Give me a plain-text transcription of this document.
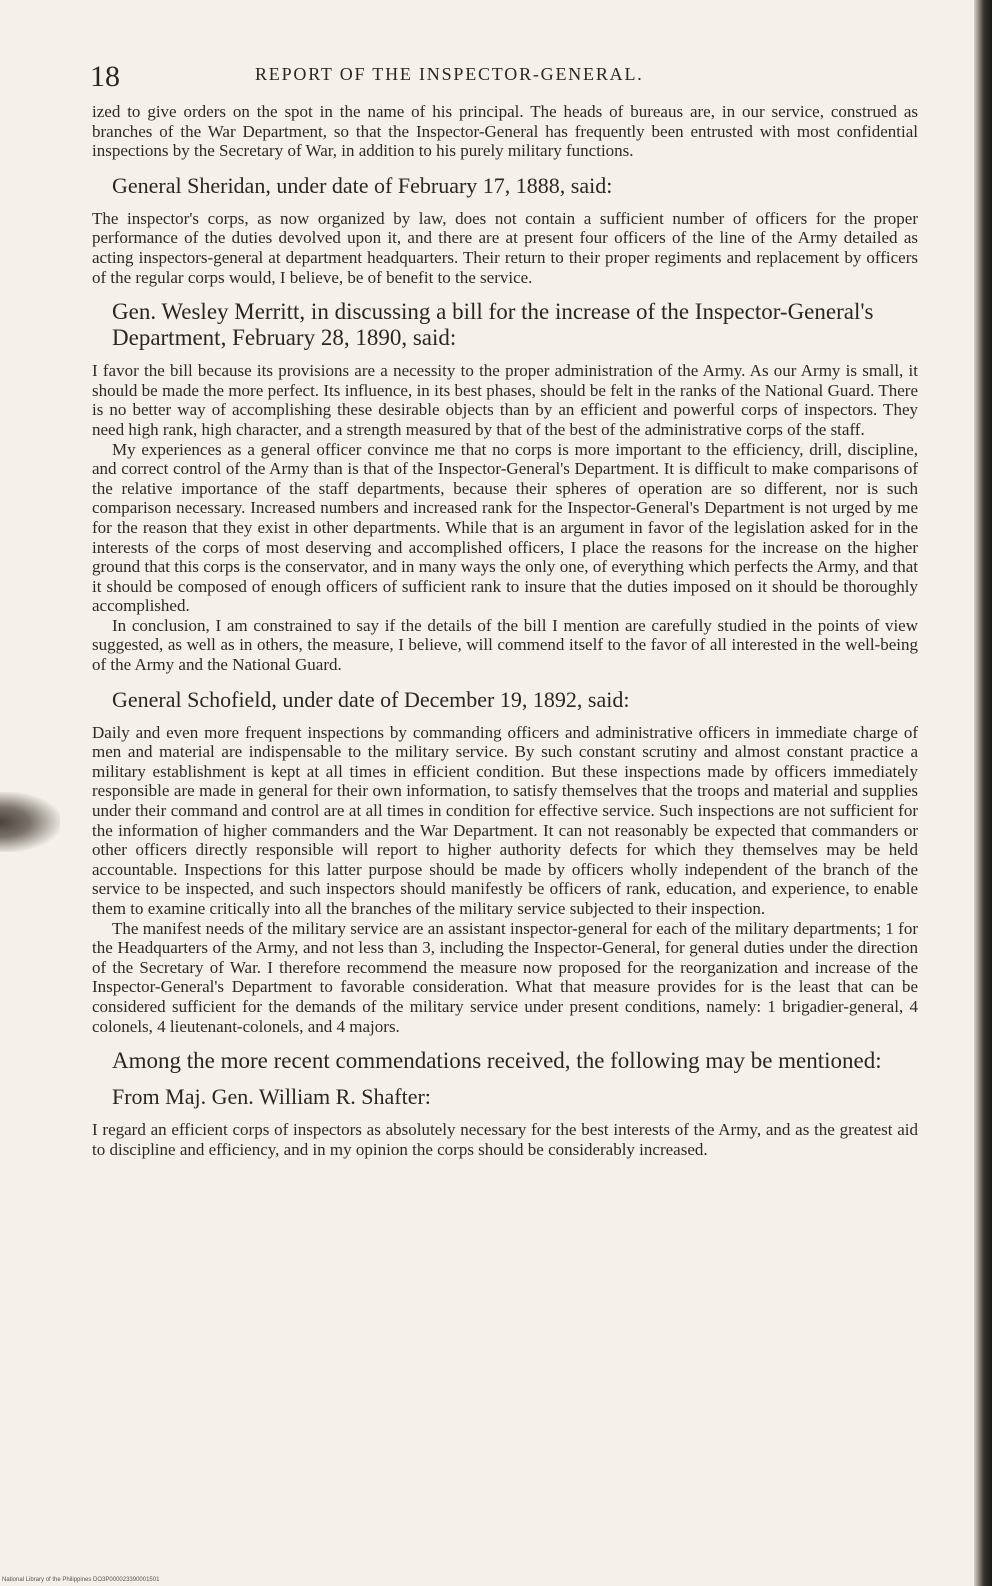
18	REPORT OF THE INSPECTOR-GENERAL.

ized to give orders on the spot in the name of his principal. The heads of bureaus are, in our service, construed as branches of the War Department, so that the Inspector-General has frequently been entrusted with most confidential inspections by the Secretary of War, in addition to his purely military functions.

General Sheridan, under date of February 17, 1888, said:

The inspector's corps, as now organized by law, does not contain a sufficient number of officers for the proper performance of the duties devolved upon it, and there are at present four officers of the line of the Army detailed as acting inspectors-general at department headquarters. Their return to their proper regiments and replacement by officers of the regular corps would, I believe, be of benefit to the service.

Gen. Wesley Merritt, in discussing a bill for the increase of the Inspector-General's Department, February 28, 1890, said:

I favor the bill because its provisions are a necessity to the proper administration of the Army. As our Army is small, it should be made the more perfect. Its influence, in its best phases, should be felt in the ranks of the National Guard. There is no better way of accomplishing these desirable objects than by an efficient and powerful corps of inspectors. They need high rank, high character, and a strength measured by that of the best of the administrative corps of the staff.

My experiences as a general officer convince me that no corps is more important to the efficiency, drill, discipline, and correct control of the Army than is that of the Inspector-General's Department. It is difficult to make comparisons of the relative importance of the staff departments, because their spheres of operation are so different, nor is such comparison necessary. Increased numbers and increased rank for the Inspector-General's Department is not urged by me for the reason that they exist in other departments. While that is an argument in favor of the legislation asked for in the interests of the corps of most deserving and accomplished officers, I place the reasons for the increase on the higher ground that this corps is the conservator, and in many ways the only one, of everything which perfects the Army, and that it should be composed of enough officers of sufficient rank to insure that the duties imposed on it should be thoroughly accomplished.

In conclusion, I am constrained to say if the details of the bill I mention are carefully studied in the points of view suggested, as well as in others, the measure, I believe, will commend itself to the favor of all interested in the well-being of the Army and the National Guard.

General Schofield, under date of December 19, 1892, said:

Daily and even more frequent inspections by commanding officers and administrative officers in immediate charge of men and material are indispensable to the military service. By such constant scrutiny and almost constant practice a military establishment is kept at all times in efficient condition. But these inspections made by officers immediately responsible are made in general for their own information, to satisfy themselves that the troops and material and supplies under their command and control are at all times in condition for effective service. Such inspections are not sufficient for the information of higher commanders and the War Department. It can not reasonably be expected that commanders or other officers directly responsible will report to higher authority defects for which they themselves may be held accountable. Inspections for this latter purpose should be made by officers wholly independent of the branch of the service to be inspected, and such inspectors should manifestly be officers of rank, education, and experience, to enable them to examine critically into all the branches of the military service subjected to their inspection.

The manifest needs of the military service are an assistant inspector-general for each of the military departments; 1 for the Headquarters of the Army, and not less than 3, including the Inspector-General, for general duties under the direction of the Secretary of War. I therefore recommend the measure now proposed for the reorganization and increase of the Inspector-General's Department to favorable consideration. What that measure provides for is the least that can be considered sufficient for the demands of the military service under present conditions, namely: 1 brigadier-general, 4 colonels, 4 lieutenant-colonels, and 4 majors.

Among the more recent commendations received, the following may be mentioned:

From Maj. Gen. William R. Shafter:

I regard an efficient corps of inspectors as absolutely necessary for the best interests of the Army, and as the greatest aid to discipline and efficiency, and in my opinion the corps should be considerably increased.

National Library of the Philippines DO3P000023390001501
